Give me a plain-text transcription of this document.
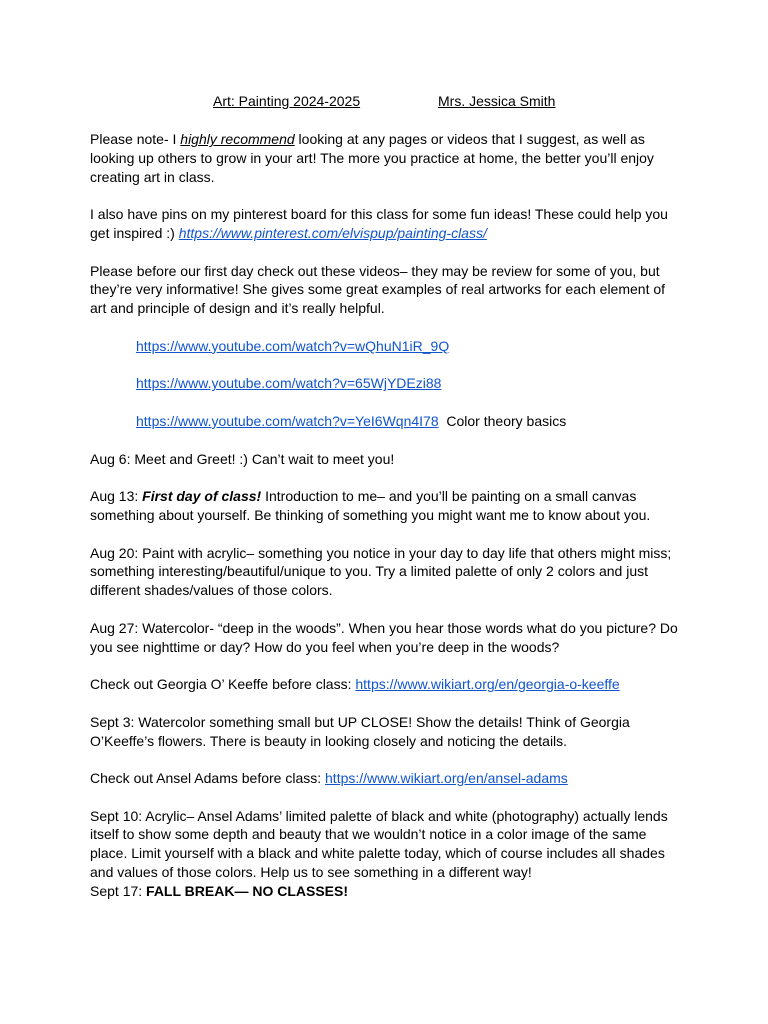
Art: Painting 2024-2025	Mrs. Jessica Smith

Please note- I highly recommend looking at any pages or videos that I suggest, as well as looking up others to grow in your art! The more you practice at home, the better you’ll enjoy creating art in class.

I also have pins on my pinterest board for this class for some fun ideas! These could help you get inspired :) https://www.pinterest.com/elvispup/painting-class/

Please before our first day check out these videos– they may be review for some of you, but they’re very informative! She gives some great examples of real artworks for each element of art and principle of design and it’s really helpful.

https://www.youtube.com/watch?v=wQhuN1iR_9Q

https://www.youtube.com/watch?v=65WjYDEzi88

https://www.youtube.com/watch?v=YeI6Wqn4I78  Color theory basics

Aug 6: Meet and Greet! :) Can’t wait to meet you!

Aug 13: First day of class! Introduction to me– and you’ll be painting on a small canvas something about yourself. Be thinking of something you might want me to know about you.

Aug 20: Paint with acrylic– something you notice in your day to day life that others might miss; something interesting/beautiful/unique to you. Try a limited palette of only 2 colors and just different shades/values of those colors.

Aug 27: Watercolor- “deep in the woods”. When you hear those words what do you picture? Do you see nighttime or day? How do you feel when you’re deep in the woods?

Check out Georgia O’ Keeffe before class: https://www.wikiart.org/en/georgia-o-keeffe

Sept 3: Watercolor something small but UP CLOSE! Show the details! Think of Georgia O’Keeffe’s flowers. There is beauty in looking closely and noticing the details.

Check out Ansel Adams before class: https://www.wikiart.org/en/ansel-adams

Sept 10: Acrylic– Ansel Adams’ limited palette of black and white (photography) actually lends itself to show some depth and beauty that we wouldn’t notice in a color image of the same place. Limit yourself with a black and white palette today, which of course includes all shades and values of those colors. Help us to see something in a different way!

Sept 17: FALL BREAK— NO CLASSES!
